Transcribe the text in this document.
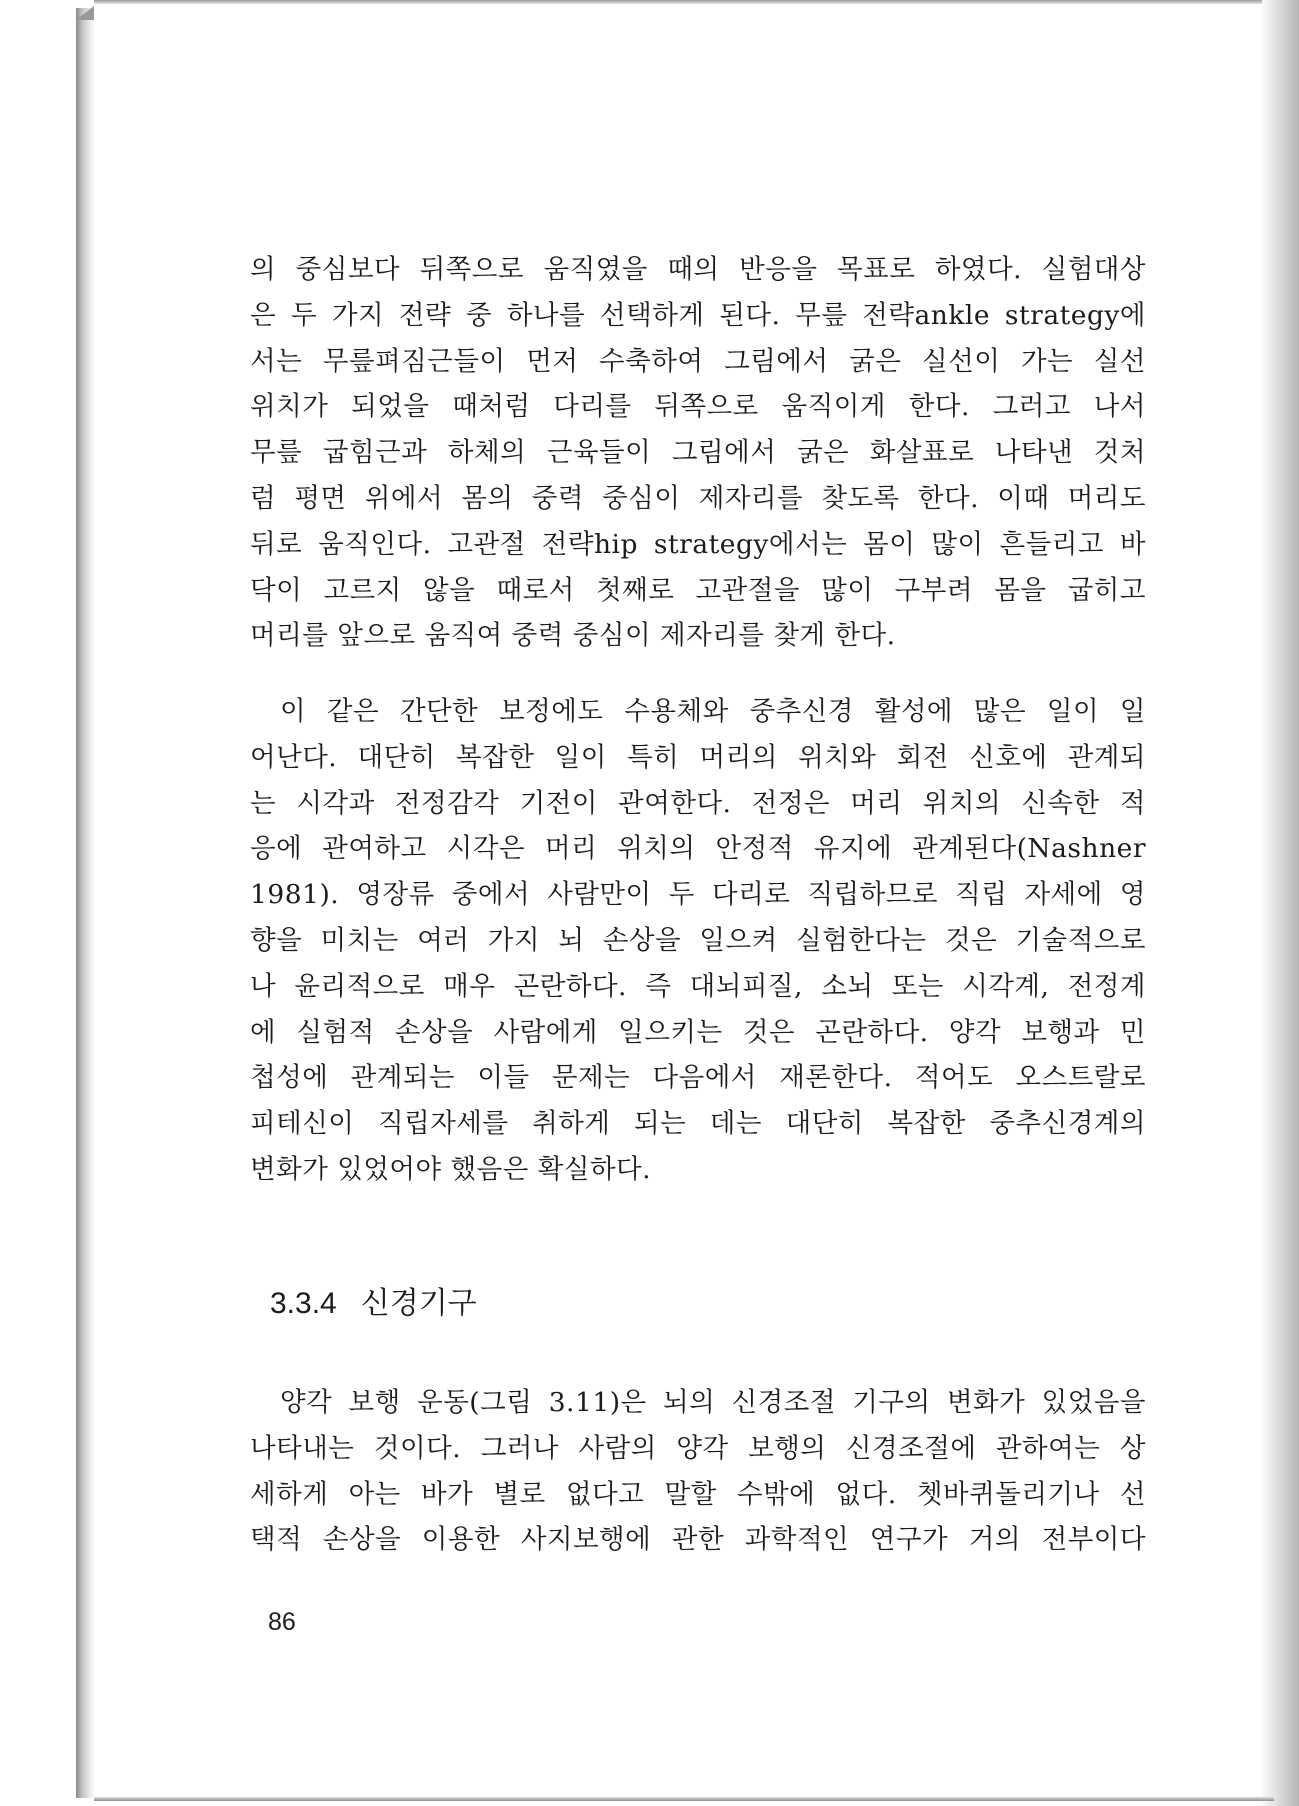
의 중심보다 뒤쪽으로 움직였을 때의 반응을 목표로 하였다. 실험대상
은 두 가지 전략 중 하나를 선택하게 된다. 무릎 전략ankle strategy에
서는 무릎펴짐근들이 먼저 수축하여 그림에서 굵은 실선이 가는 실선
위치가 되었을 때처럼 다리를 뒤쪽으로 움직이게 한다. 그러고 나서
무릎 굽힘근과 하체의 근육들이 그림에서 굵은 화살표로 나타낸 것처
럼 평면 위에서 몸의 중력 중심이 제자리를 찾도록 한다. 이때 머리도
뒤로 움직인다. 고관절 전략hip strategy에서는 몸이 많이 흔들리고 바
닥이 고르지 않을 때로서 첫째로 고관절을 많이 구부려 몸을 굽히고
머리를 앞으로 움직여 중력 중심이 제자리를 찾게 한다.
이 같은 간단한 보정에도 수용체와 중추신경 활성에 많은 일이 일
어난다. 대단히 복잡한 일이 특히 머리의 위치와 회전 신호에 관계되
는 시각과 전정감각 기전이 관여한다. 전정은 머리 위치의 신속한 적
응에 관여하고 시각은 머리 위치의 안정적 유지에 관계된다(Nashner
1981). 영장류 중에서 사람만이 두 다리로 직립하므로 직립 자세에 영
향을 미치는 여러 가지 뇌 손상을 일으켜 실험한다는 것은 기술적으로
나 윤리적으로 매우 곤란하다. 즉 대뇌피질, 소뇌 또는 시각계, 전정계
에 실험적 손상을 사람에게 일으키는 것은 곤란하다. 양각 보행과 민
첩성에 관계되는 이들 문제는 다음에서 재론한다. 적어도 오스트랄로
피테신이 직립자세를 취하게 되는 데는 대단히 복잡한 중추신경계의
변화가 있었어야 했음은 확실하다.
3.3.4 신경기구
양각 보행 운동(그림 3.11)은 뇌의 신경조절 기구의 변화가 있었음을
나타내는 것이다. 그러나 사람의 양각 보행의 신경조절에 관하여는 상
세하게 아는 바가 별로 없다고 말할 수밖에 없다. 쳇바퀴돌리기나 선
택적 손상을 이용한 사지보행에 관한 과학적인 연구가 거의 전부이다
86
